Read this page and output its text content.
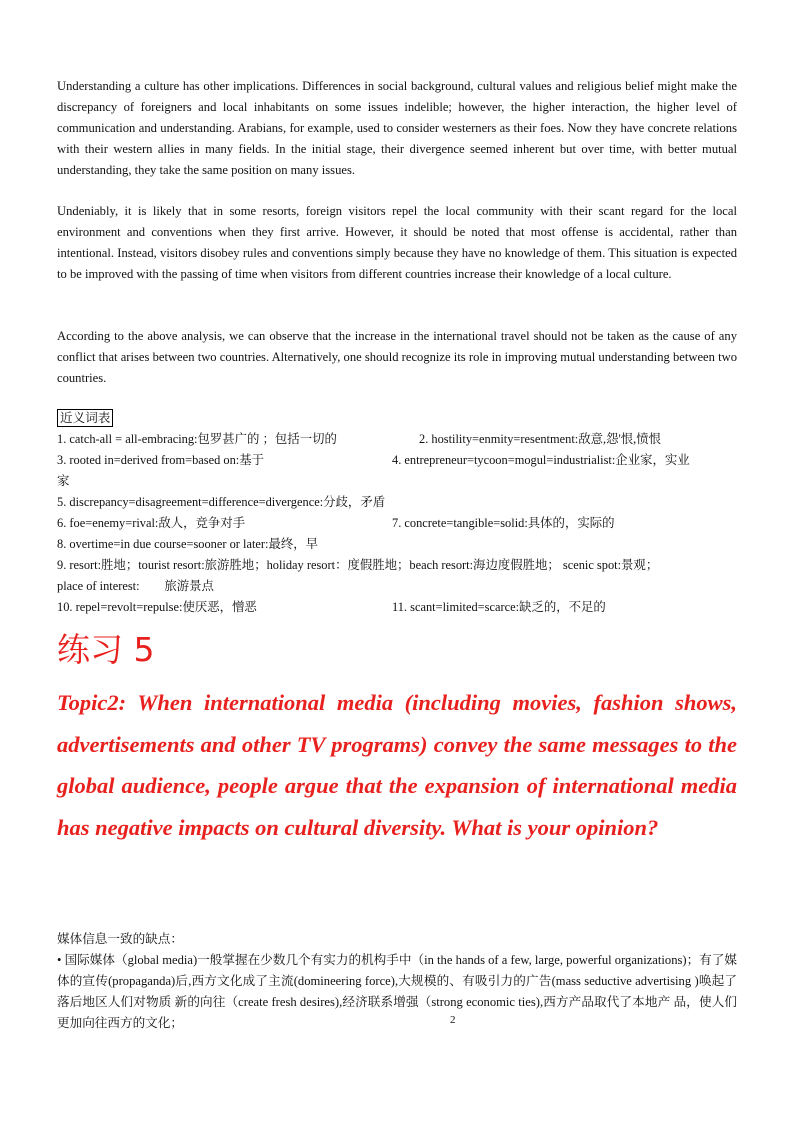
Understanding a culture has other implications. Differences in social background, cultural values and religious belief might make the discrepancy of foreigners and local inhabitants on some issues indelible; however, the higher interaction, the higher level of communication and understanding. Arabians, for example, used to consider westerners as their foes. Now they have concrete relations with their western allies in many fields. In the initial stage, their divergence seemed inherent but over time, with better mutual understanding, they take the same position on many issues.

Undeniably, it is likely that in some resorts, foreign visitors repel the local community with their scant regard for the local environment and conventions when they first arrive. However, it should be noted that most offense is accidental, rather than intentional. Instead, visitors disobey rules and conventions simply because they have no knowledge of them. This situation is expected to be improved with the passing of time when visitors from different countries increase their knowledge of a local culture.

According to the above analysis, we can observe that the increase in the international travel should not be taken as the cause of any conflict that arises between two countries. Alternatively, one should recognize its role in improving mutual understanding between two countries.

近义词表
1. catch-all = all-embracing:包罗甚广的 ；包括一切的	2. hostility=enmity=resentment:敌意,怨'恨,愤恨
3. rooted in=derived from=based on:基于	4. entrepreneur=tycoon=mogul=industrialist:企业家，实业
家
5. discrepancy=disagreement=difference=divergence:分歧，矛盾
6. foe=enemy=rival:敌人，竞争对手	7. concrete=tangible=solid:具体的，实际的
8. overtime=in due course=sooner or later:最终，早
9. resort:胜地；tourist resort:旅游胜地；holiday resort：度假胜地；beach resort:海边度假胜地； scenic spot:景观；
place of interest:        旅游景点
10. repel=revolt=repulse:使厌恶，憎恶	11. scant=limited=scarce:缺乏的，不足的
练习 5
Topic2: When international media (including movies, fashion shows, advertisements and other TV programs) convey the same messages to the global audience, people argue that the expansion of international media has negative impacts on cultural diversity. What is your opinion?
媒体信息一致的缺点：
• 国际媒体（global media)一般掌握在少数几个有实力的机构手中（in the hands of a few, large, powerful organizations)；有了媒体的宣传(propaganda)后,西方文化成了主流(domineering force),大规模的、有吸引力的广告(mass seductive advertising )唤起了落后地区人们对物质 新的向往（create fresh desires),经济联系增强（strong economic ties),西方产品取代了本地产 品，使人们更加向往西方的文化；	2
